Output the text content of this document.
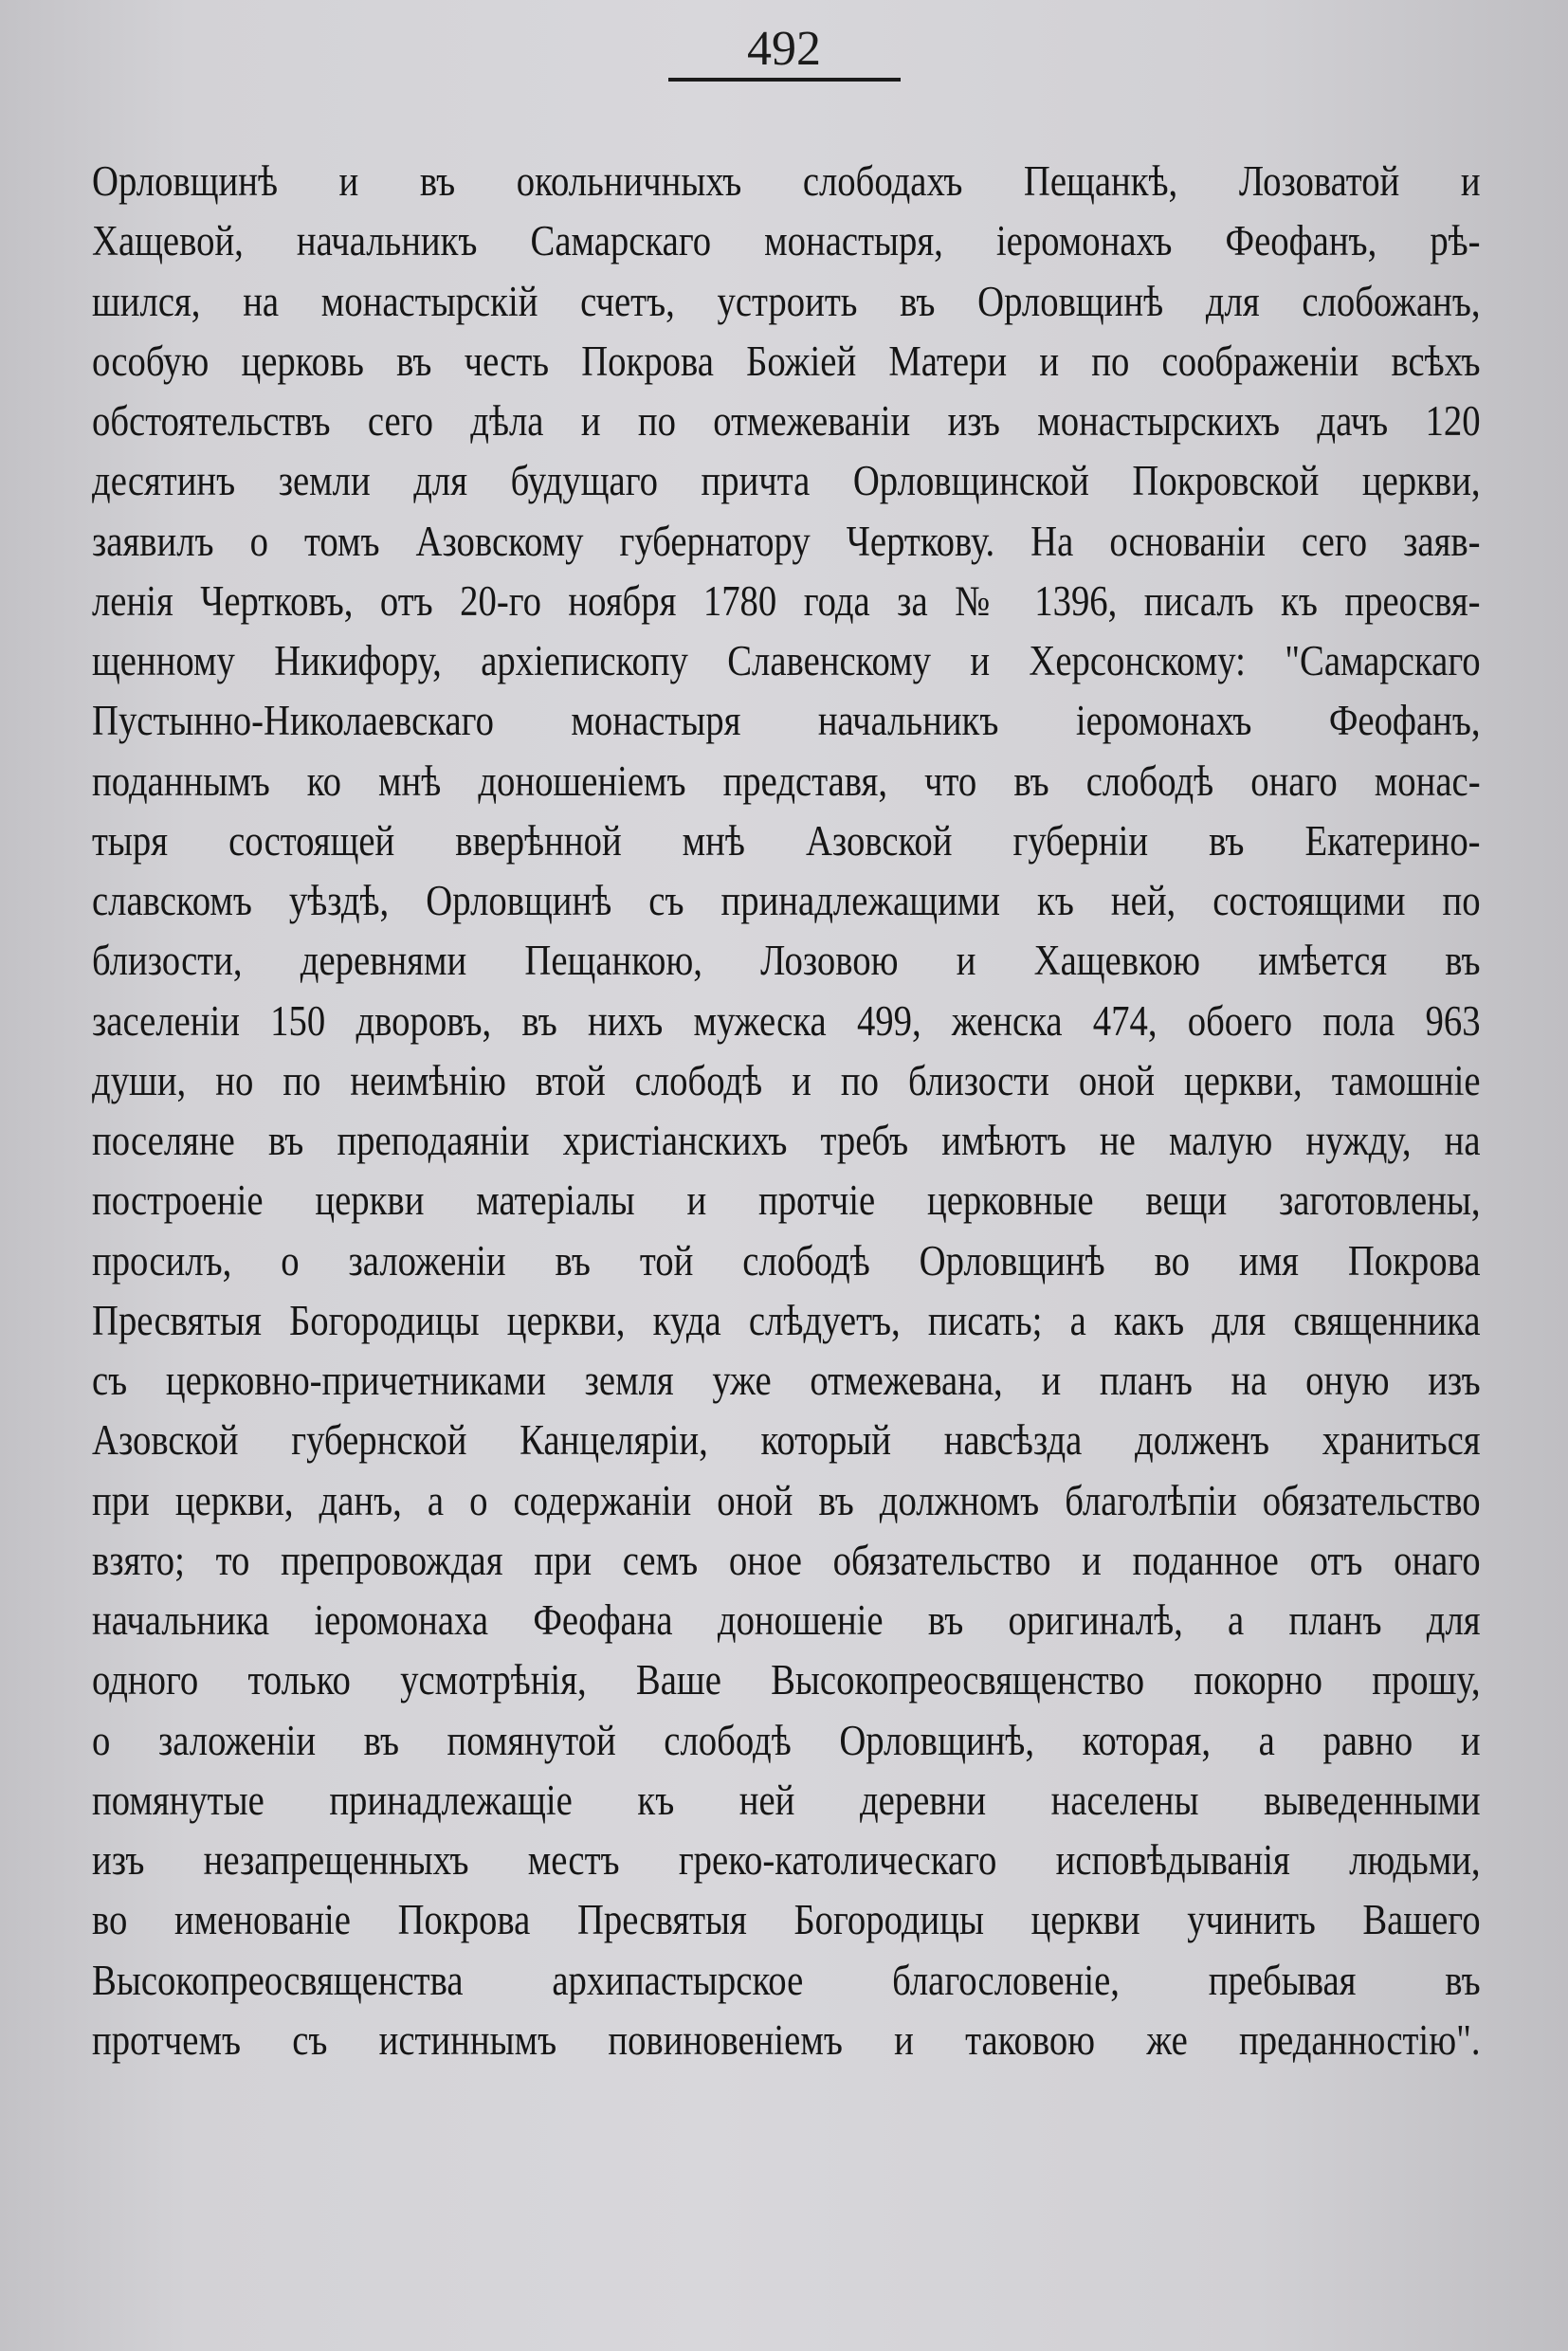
492
Орловщинѣ и въ окольничныхъ слободахъ Пещанкѣ, Лозоватой и
Хащевой, начальникъ Самарскаго монастыря, iеромонахъ Феофанъ, рѣ-
шился, на монастырскiй счетъ, устроить въ Орловщинѣ для слобожанъ,
особую церковь въ честь Покрова Божiей Матери и по соображенiи всѣхъ
обстоятельствъ сего дѣла и по отмежеванiи изъ монастырскихъ дачъ 120
десятинъ земли для будущаго причта Орловщинской Покровской церкви,
заявилъ о томъ Азовскому губернатору Черткову. На основанiи сего заяв-
ленiя Чертковъ, отъ 20-го ноября 1780 года за № 1396, писалъ къ преосвя-
щенному Никифору, архiепископу Славенскому и Херсонскому: "Самарскаго
Пустынно-Николаевскаго монастыря начальникъ iеромонахъ Феофанъ,
поданнымъ ко мнѣ доношенiемъ представя, что въ слободѣ онаго монас-
тыря состоящей вверѣнной мнѣ Азовской губернiи въ Екатерино-
славскомъ уѣздѣ, Орловщинѣ съ принадлежащими къ ней, состоящими по
близости, деревнями Пещанкою, Лозовою и Хащевкою имѣется въ
заселенiи 150 дворовъ, въ нихъ мужеска 499, женска 474, обоего пола 963
души, но по неимѣнiю втой слободѣ и по близости оной церкви, тамошнiе
поселяне въ преподаянiи христiанскихъ требъ имѣютъ не малую нужду, на
построенiе церкви матерiалы и протчiе церковные вещи заготовлены,
просилъ, о заложенiи въ той слободѣ Орловщинѣ во имя Покрова
Пресвятыя Богородицы церкви, куда слѣдуетъ, писать; а какъ для священника
съ церковно-причетниками земля уже отмежевана, и планъ на оную изъ
Азовской губернской Канцелярiи, который навсѣзда долженъ храниться
при церкви, данъ, а о содержанiи оной въ должномъ благолѣпiи обязательство
взято; то препровождая при семъ оное обязательство и поданное отъ онаго
начальника iеромонаха Феофана доношенiе въ оригиналѣ, а планъ для
одного только усмотрѣнiя, Ваше Высокопреосвященство покорно прошу,
о заложенiи въ помянутой слободѣ Орловщинѣ, которая, а равно и
помянутые принадлежащiе къ ней деревни населены выведенными
изъ незапрещенныхъ местъ греко-католическаго исповѣдыванiя людьми,
во именованiе Покрова Пресвятыя Богородицы церкви учинить Вашего
Высокопреосвященства архипастырское благословенiе, пребывая въ
протчемъ съ истиннымъ повиновенiемъ и таковою же преданностiю".
